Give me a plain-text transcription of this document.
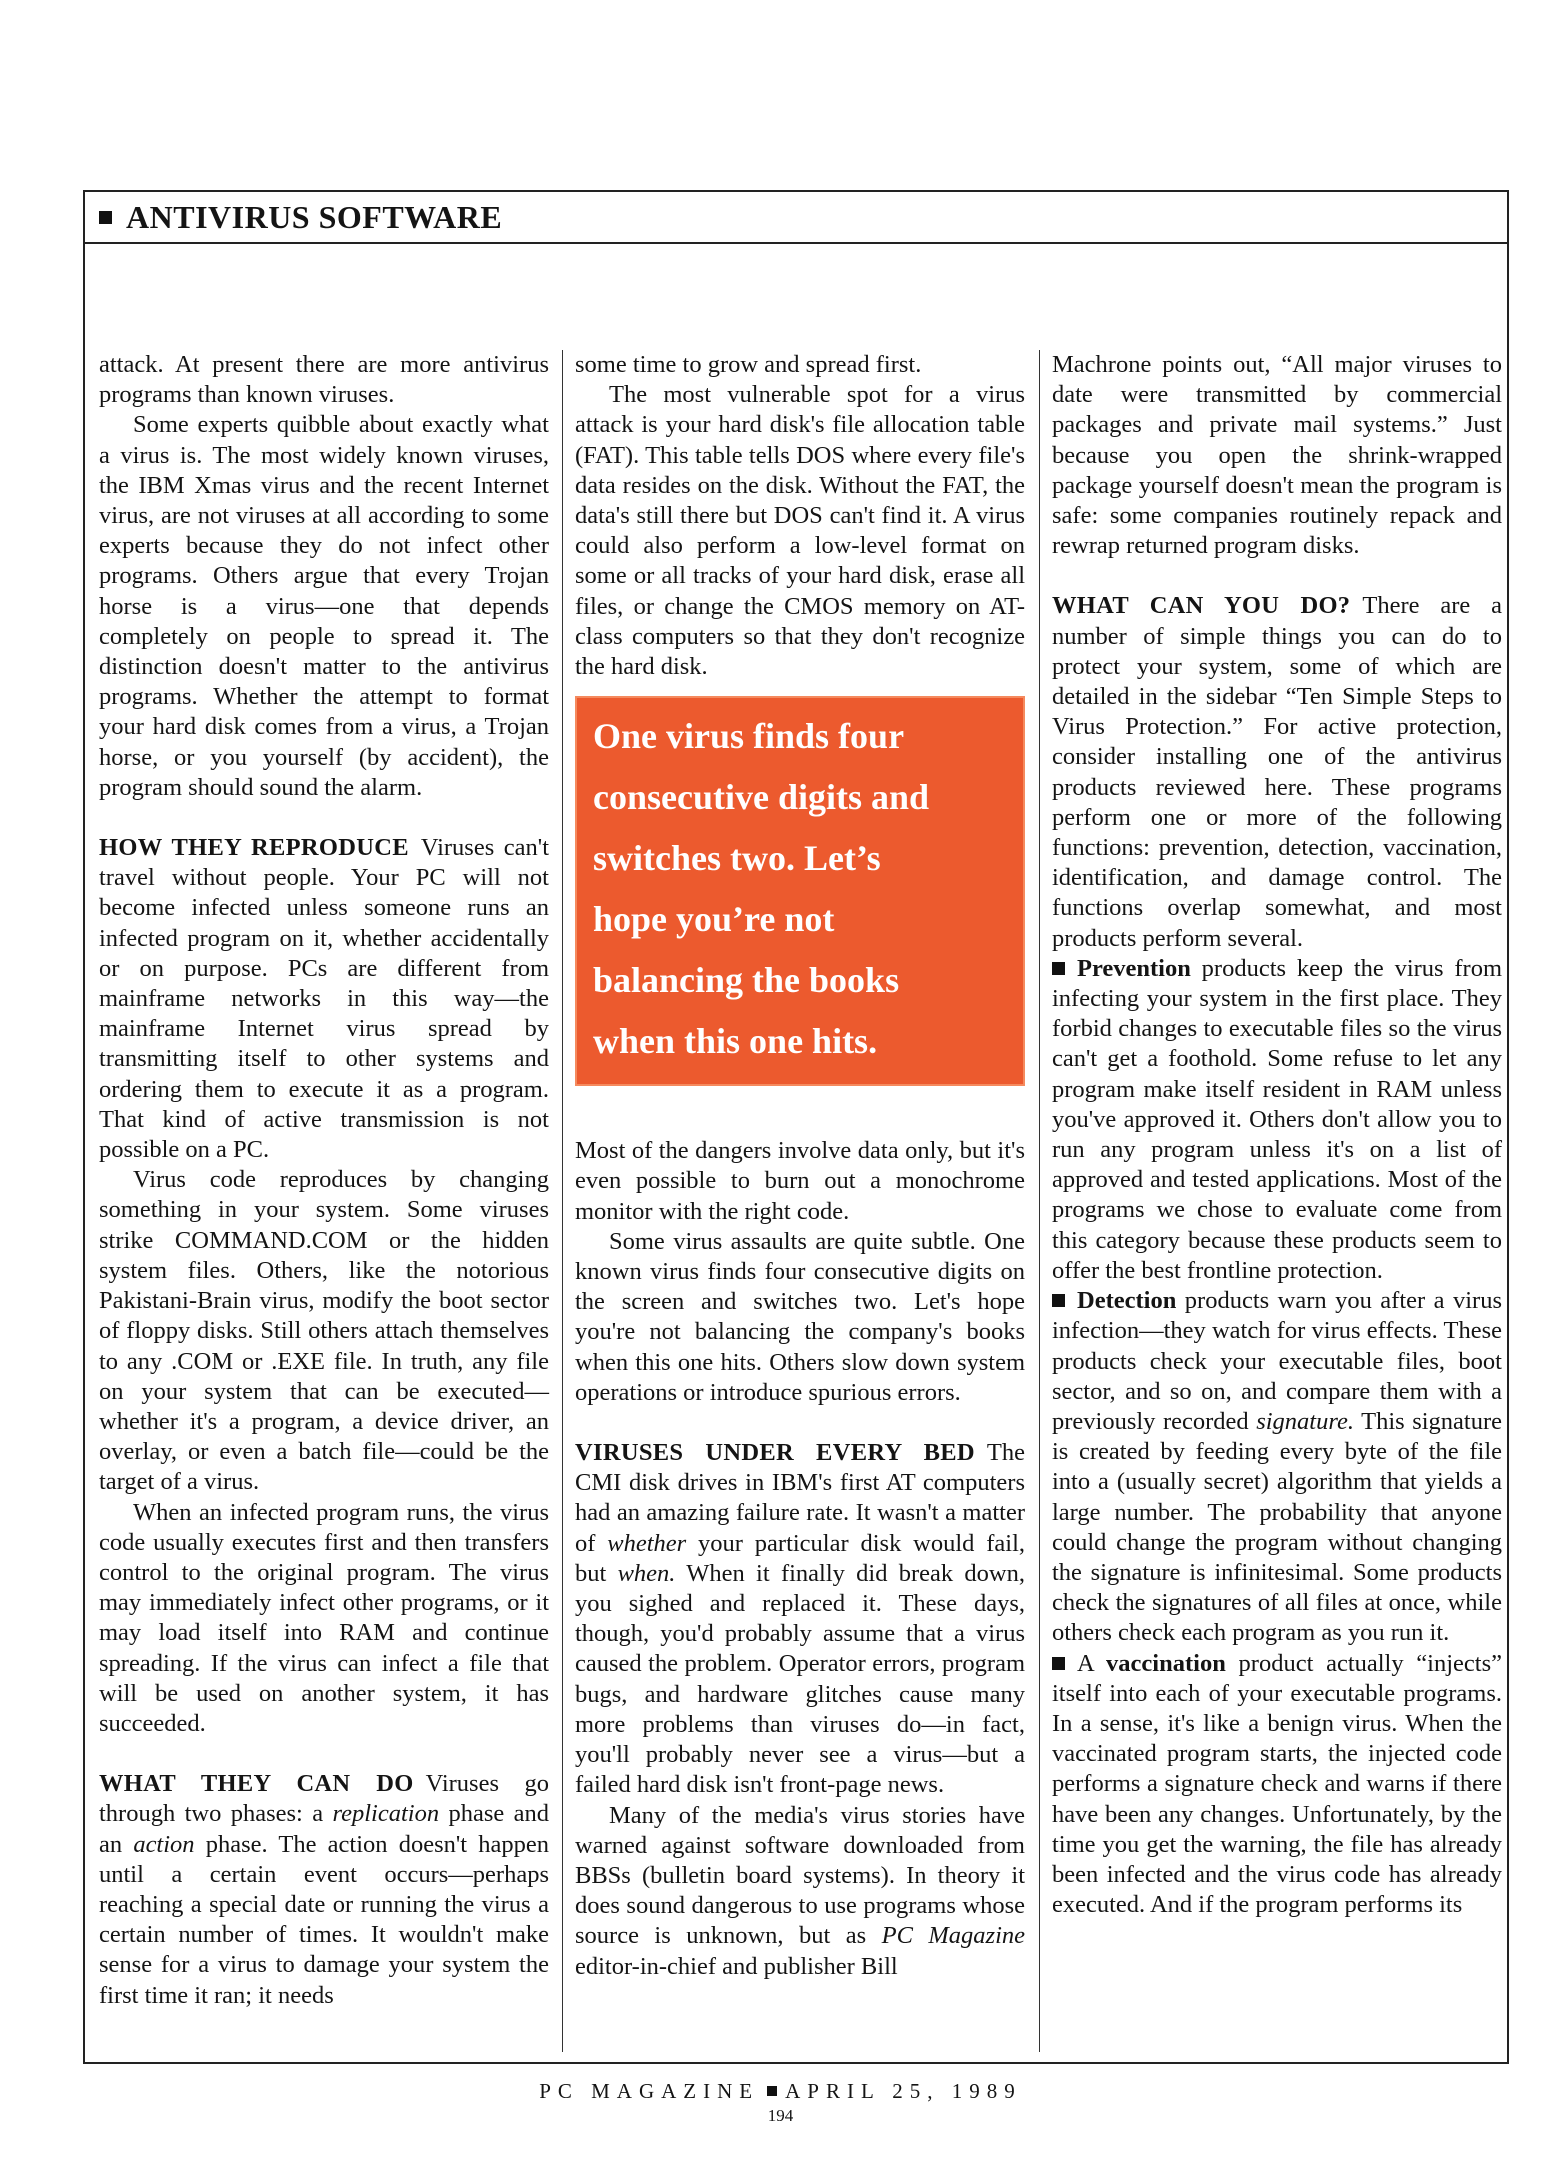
ANTIVIRUS SOFTWARE

attack. At present there are more antivirus programs than known viruses.

Some experts quibble about exactly what a virus is. The most widely known viruses, the IBM Xmas virus and the recent Internet virus, are not viruses at all according to some experts because they do not infect other programs. Others argue that every Trojan horse is a virus—one that depends completely on people to spread it. The distinction doesn't matter to the antivirus programs. Whether the attempt to format your hard disk comes from a virus, a Trojan horse, or you yourself (by accident), the program should sound the alarm.

HOW THEY REPRODUCE Viruses can't travel without people. Your PC will not become infected unless someone runs an infected program on it, whether accidentally or on purpose. PCs are different from mainframe networks in this way—the mainframe Internet virus spread by transmitting itself to other systems and ordering them to execute it as a program. That kind of active transmission is not possible on a PC.

Virus code reproduces by changing something in your system. Some viruses strike COMMAND.COM or the hidden system files. Others, like the notorious Pakistani-Brain virus, modify the boot sector of floppy disks. Still others attach themselves to any .COM or .EXE file. In truth, any file on your system that can be executed—whether it's a program, a device driver, an overlay, or even a batch file—could be the target of a virus.

When an infected program runs, the virus code usually executes first and then transfers control to the original program. The virus may immediately infect other programs, or it may load itself into RAM and continue spreading. If the virus can infect a file that will be used on another system, it has succeeded.

WHAT THEY CAN DO Viruses go through two phases: a replication phase and an action phase. The action doesn't happen until a certain event occurs—perhaps reaching a special date or running the virus a certain number of times. It wouldn't make sense for a virus to damage your system the first time it ran; it needs

some time to grow and spread first.

The most vulnerable spot for a virus attack is your hard disk's file allocation table (FAT). This table tells DOS where every file's data resides on the disk. Without the FAT, the data's still there but DOS can't find it. A virus could also perform a low-level format on some or all tracks of your hard disk, erase all files, or change the CMOS memory on AT-class computers so that they don't recognize the hard disk.

One virus finds four
consecutive digits and
switches two. Let’s
hope you’re not
balancing the books
when this one hits.

Most of the dangers involve data only, but it's even possible to burn out a monochrome monitor with the right code.

Some virus assaults are quite subtle. One known virus finds four consecutive digits on the screen and switches two. Let's hope you're not balancing the company's books when this one hits. Others slow down system operations or introduce spurious errors.

VIRUSES UNDER EVERY BED The CMI disk drives in IBM's first AT computers had an amazing failure rate. It wasn't a matter of whether your particular disk would fail, but when. When it finally did break down, you sighed and replaced it. These days, though, you'd probably assume that a virus caused the problem. Operator errors, program bugs, and hardware glitches cause many more problems than viruses do—in fact, you'll probably never see a virus—but a failed hard disk isn't front-page news.

Many of the media's virus stories have warned against software downloaded from BBSs (bulletin board systems). In theory it does sound dangerous to use programs whose source is unknown, but as PC Magazine editor-in-chief and publisher Bill

Machrone points out, “All major viruses to date were transmitted by commercial packages and private mail systems.” Just because you open the shrink-wrapped package yourself doesn't mean the program is safe: some companies routinely repack and rewrap returned program disks.

WHAT CAN YOU DO? There are a number of simple things you can do to protect your system, some of which are detailed in the sidebar “Ten Simple Steps to Virus Protection.” For active protection, consider installing one of the antivirus products reviewed here. These programs perform one or more of the following functions: prevention, detection, vaccination, identification, and damage control. The functions overlap somewhat, and most products perform several.

Prevention products keep the virus from infecting your system in the first place. They forbid changes to executable files so the virus can't get a foothold. Some refuse to let any program make itself resident in RAM unless you've approved it. Others don't allow you to run any program unless it's on a list of approved and tested applications. Most of the programs we chose to evaluate come from this category because these products seem to offer the best frontline protection.

Detection products warn you after a virus infection—they watch for virus effects. These products check your executable files, boot sector, and so on, and compare them with a previously recorded signature. This signature is created by feeding every byte of the file into a (usually secret) algorithm that yields a large number. The probability that anyone could change the program without changing the signature is infinitesimal. Some products check the signatures of all files at once, while others check each program as you run it.

A vaccination product actually “injects” itself into each of your executable programs. In a sense, it's like a benign virus. When the vaccinated program starts, the injected code performs a signature check and warns if there have been any changes. Unfortunately, by the time you get the warning, the file has already been infected and the virus code has already executed. And if the program performs its

PC MAGAZINE APRIL 25, 1989
194
